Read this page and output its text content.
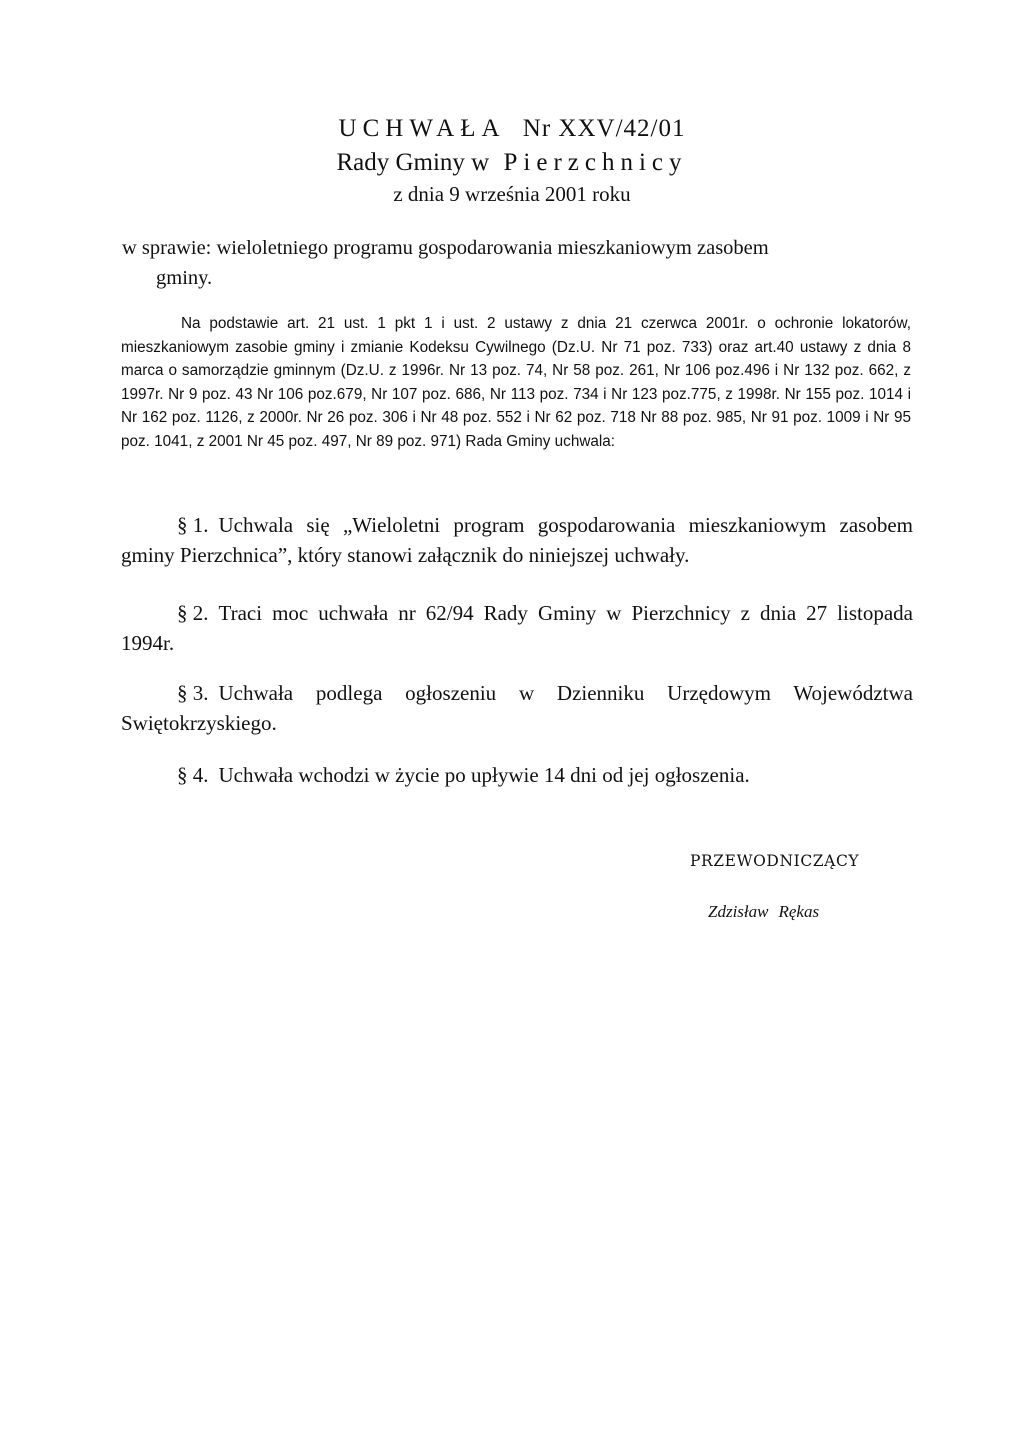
UCHWAŁA Nr XXV/42/01
Rady Gminy w Pierzchnicy
z dnia 9 września 2001 roku
w sprawie: wieloletniego programu gospodarowania mieszkaniowym zasobem
gminy.
Na podstawie art. 21 ust. 1 pkt 1 i ust. 2 ustawy z dnia 21 czerwca 2001r. o ochronie lokatorów, mieszkaniowym zasobie gminy i zmianie Kodeksu Cywilnego (Dz.U. Nr 71 poz. 733) oraz art.40 ustawy z dnia 8 marca o samorządzie gminnym (Dz.U. z 1996r. Nr 13 poz. 74, Nr 58 poz. 261, Nr 106 poz.496 i Nr 132 poz. 662, z 1997r. Nr 9 poz. 43 Nr 106 poz.679, Nr 107 poz. 686, Nr 113 poz. 734 i Nr 123 poz.775, z 1998r. Nr 155 poz. 1014 i Nr 162 poz. 1126, z 2000r. Nr 26 poz. 306 i Nr 48 poz. 552 i Nr 62 poz. 718 Nr 88 poz. 985, Nr 91 poz. 1009 i Nr 95 poz. 1041, z 2001 Nr 45 poz. 497, Nr 89 poz. 971) Rada Gminy uchwala:
§ 1. Uchwala się „Wieloletni program gospodarowania mieszkaniowym zasobem gminy Pierzchnica”, który stanowi załącznik do niniejszej uchwały.
§ 2. Traci moc uchwała nr 62/94 Rady Gminy w Pierzchnicy z dnia 27 listopada 1994r.
§ 3. Uchwała podlega ogłoszeniu w Dzienniku Urzędowym Województwa Swiętokrzyskiego.
§ 4. Uchwała wchodzi w życie po upływie 14 dni od jej ogłoszenia.
PRZEWODNICZĄCY
Zdzisław Rękas
